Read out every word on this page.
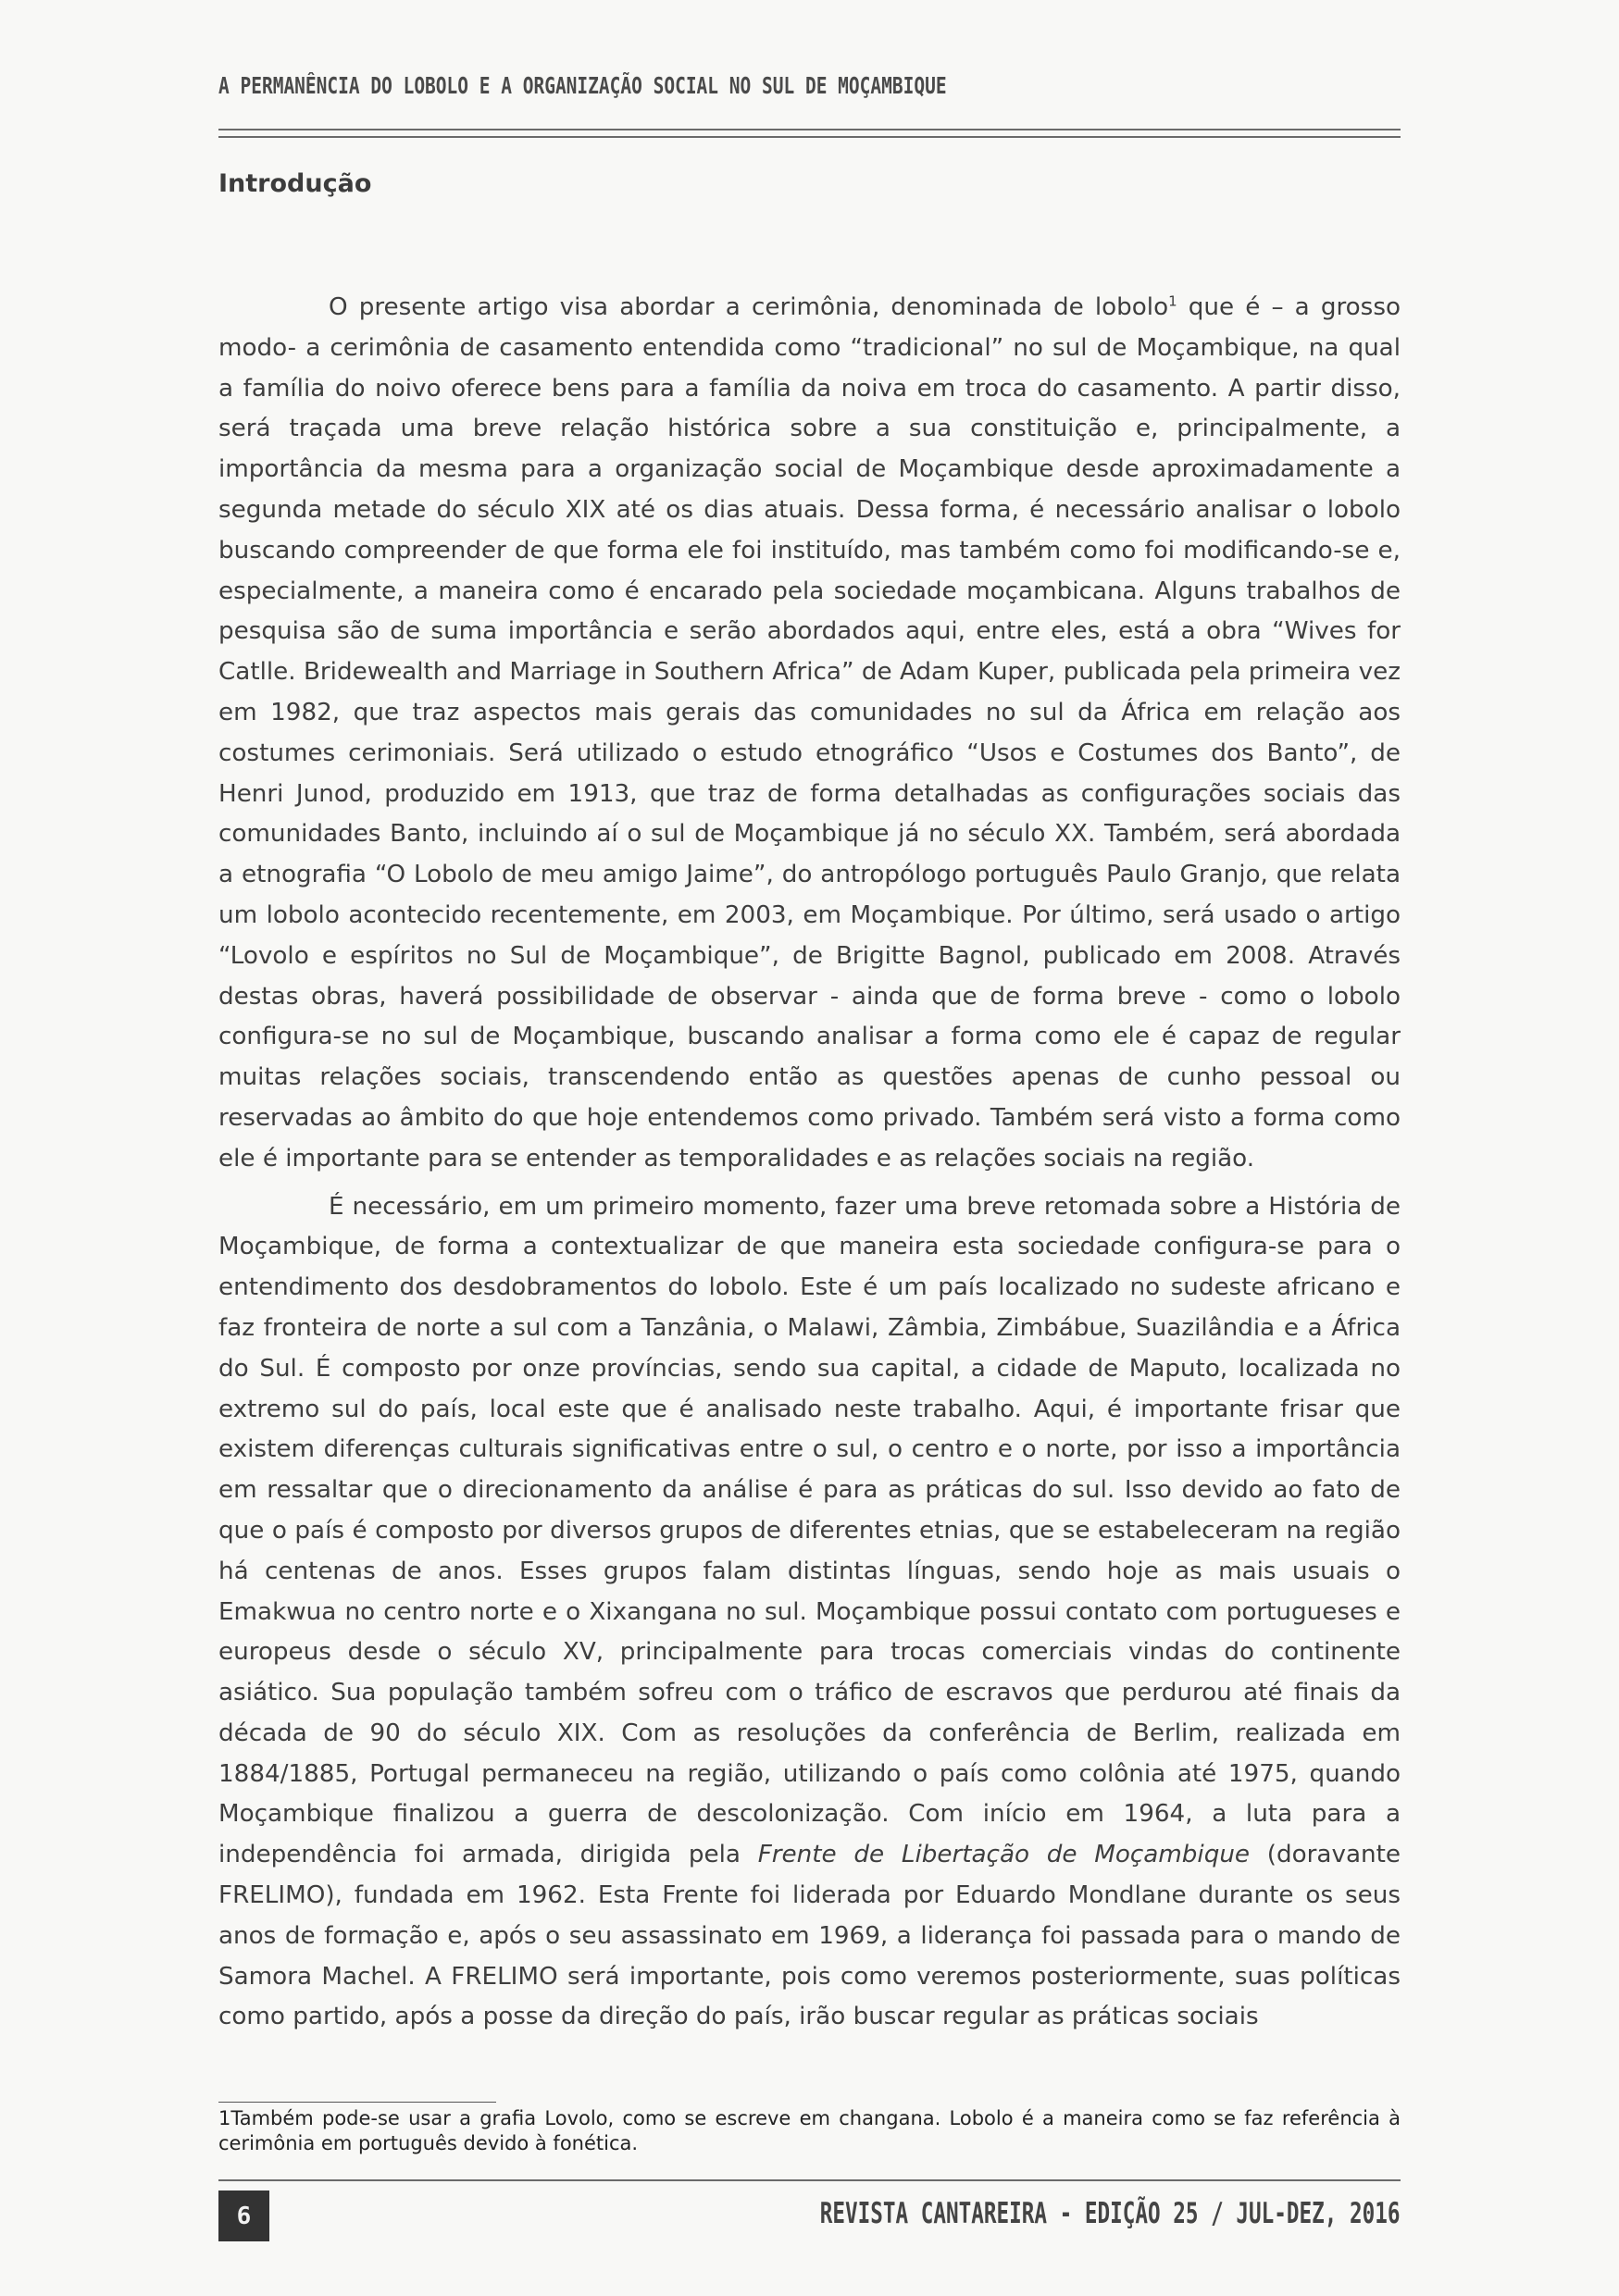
A PERMANÊNCIA DO LOBOLO E A ORGANIZAÇÃO SOCIAL NO SUL DE MOÇAMBIQUE
Introdução

O presente artigo visa abordar a cerimônia, denominada de lobolo$^1$ que é – a grosso modo- a cerimônia de casamento entendida como “tradicional” no sul de Moçambique, na qual a família do noivo oferece bens para a família da noiva em troca do casamento. A partir disso, será traçada uma breve relação histórica sobre a sua constituição e, principalmente, a importância da mesma para a organização social de Moçambique desde aproximadamente a segunda metade do século XIX até os dias atuais. Dessa forma, é necessário analisar o lobolo buscando compreender de que forma ele foi instituído, mas também como foi modificando-se e, especialmente, a maneira como é encarado pela sociedade moçambicana. Alguns trabalhos de pesquisa são de suma importância e serão abordados aqui, entre eles, está a obra “Wives for Catlle. Bridewealth and Marriage in Southern Africa” de Adam Kuper, publicada pela primeira vez em 1982, que traz aspectos mais gerais das comunidades no sul da África em relação aos costumes cerimoniais. Será utilizado o estudo etnográfico “Usos e Costumes dos Banto”, de Henri Junod, produzido em 1913, que traz de forma detalhadas as configurações sociais das comunidades Banto, incluindo aí o sul de Moçambique já no século XX. Também, será abordada a etnografia “O Lobolo de meu amigo Jaime”, do antropólogo português Paulo Granjo, que relata um lobolo acontecido recentemente, em 2003, em Moçambique. Por último, será usado o artigo “Lovolo e espíritos no Sul de Moçambique”, de Brigitte Bagnol, publicado em 2008. Através destas obras, haverá possibilidade de observar - ainda que de forma breve - como o lobolo configura-se no sul de Moçambique, buscando analisar a forma como ele é capaz de regular muitas relações sociais, transcendendo então as questões apenas de cunho pessoal ou reservadas ao âmbito do que hoje entendemos como privado. Também será visto a forma como ele é importante para se entender as temporalidades e as relações sociais na região.

É necessário, em um primeiro momento, fazer uma breve retomada sobre a História de Moçambique, de forma a contextualizar de que maneira esta sociedade configura-se para o entendimento dos desdobramentos do lobolo. Este é um país localizado no sudeste africano e faz fronteira de norte a sul com a Tanzânia, o Malawi, Zâmbia, Zimbábue, Suazilândia e a África do Sul. É composto por onze províncias, sendo sua capital, a cidade de Maputo, localizada no extremo sul do país, local este que é analisado neste trabalho. Aqui, é importante frisar que existem diferenças culturais significativas entre o sul, o centro e o norte, por isso a importância em ressaltar que o direcionamento da análise é para as práticas do sul. Isso devido ao fato de que o país é composto por diversos grupos de diferentes etnias, que se estabeleceram na região há centenas de anos. Esses grupos falam distintas línguas, sendo hoje as mais usuais o Emakwua no centro norte e o Xixangana no sul. Moçambique possui contato com portugueses e europeus desde o século XV, principalmente para trocas comerciais vindas do continente asiático. Sua população também sofreu com o tráfico de escravos que perdurou até finais da década de 90 do século XIX. Com as resoluções da conferência de Berlim, realizada em 1884/1885, Portugal permaneceu na região, utilizando o país como colônia até 1975, quando Moçambique finalizou a guerra de descolonização. Com início em 1964, a luta para a independência foi armada, dirigida pela Frente de Libertação de Moçambique (doravante FRELIMO), fundada em 1962. Esta Frente foi liderada por Eduardo Mondlane durante os seus anos de formação e, após o seu assassinato em 1969, a liderança foi passada para o mando de Samora Machel. A FRELIMO será importante, pois como veremos posteriormente, suas políticas como partido, após a posse da direção do país, irão buscar regular as práticas sociais

1Também pode-se usar a grafia Lovolo, como se escreve em changana. Lobolo é a maneira como se faz referência à cerimônia em português devido à fonética.
6	REVISTA CANTAREIRA - EDIÇÃO 25 / JUL-DEZ, 2016
